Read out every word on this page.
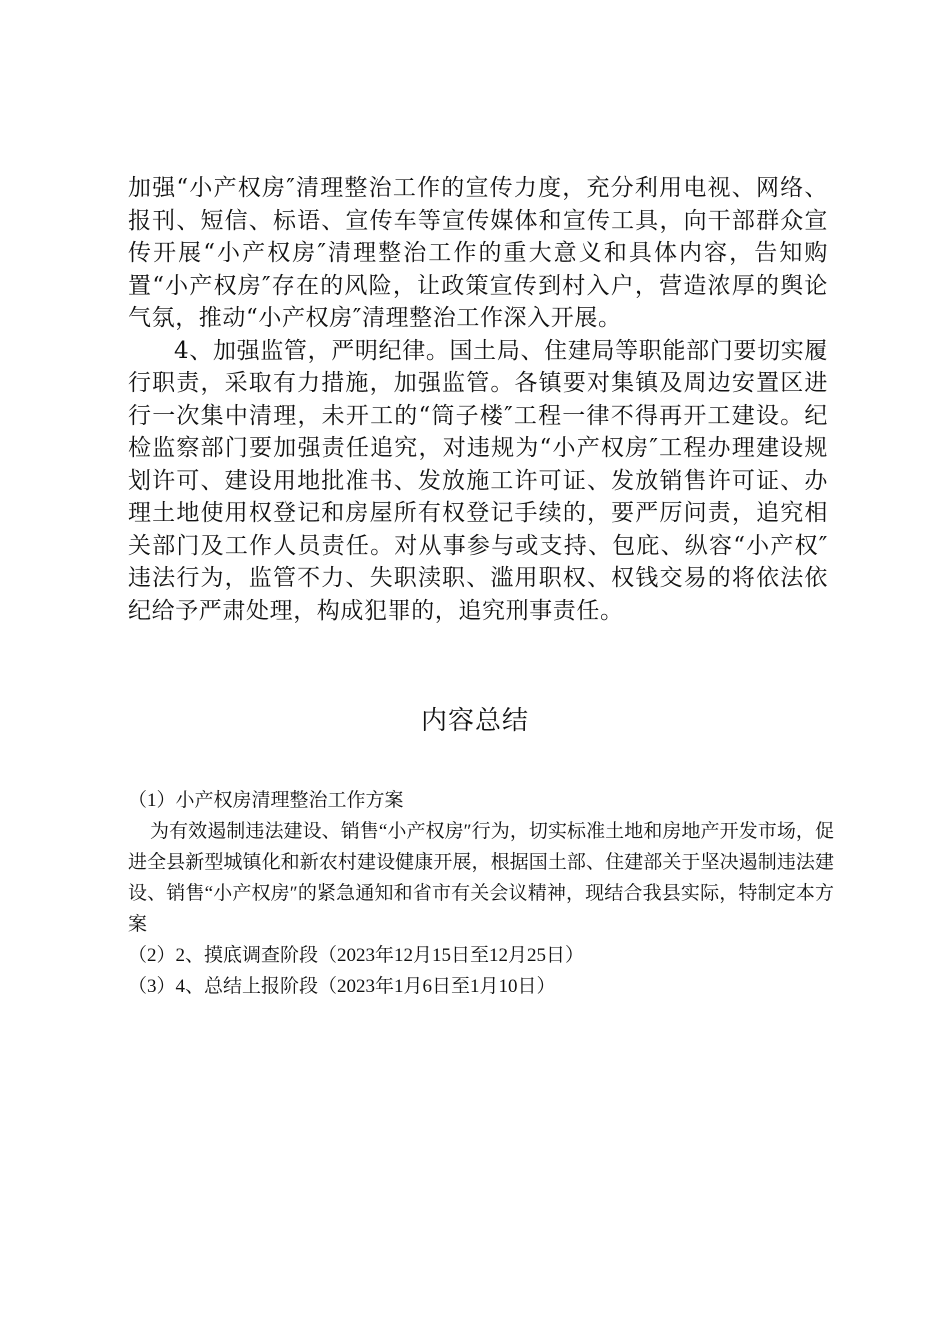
加强“小产权房″清理整治工作的宣传力度，充分利用电视、网络、报刊、短信、标语、宣传车等宣传媒体和宣传工具，向干部群众宣传开展“小产权房″清理整治工作的重大意义和具体内容，告知购置“小产权房″存在的风险，让政策宣传到村入户，营造浓厚的舆论气氛，推动“小产权房″清理整治工作深入开展。

4、加强监管，严明纪律。国土局、住建局等职能部门要切实履行职责，采取有力措施，加强监管。各镇要对集镇及周边安置区进行一次集中清理，未开工的“筒子楼″工程一律不得再开工建设。纪检监察部门要加强责任追究，对违规为“小产权房″工程办理建设规划许可、建设用地批准书、发放施工许可证、发放销售许可证、办理土地使用权登记和房屋所有权登记手续的，要严厉问责，追究相关部门及工作人员责任。对从事参与或支持、包庇、纵容“小产权″违法行为，监管不力、失职渎职、滥用职权、权钱交易的将依法依纪给予严肃处理，构成犯罪的，追究刑事责任。

内容总结

（1）小产权房清理整治工作方案

为有效遏制违法建设、销售“小产权房″行为，切实标准土地和房地产开发市场，促进全县新型城镇化和新农村建设健康开展，根据国土部、住建部关于坚决遏制违法建设、销售“小产权房″的紧急通知和省市有关会议精神，现结合我县实际，特制定本方案

（2）2、摸底调查阶段（2023年12月15日至12月25日）

（3）4、总结上报阶段（2023年1月6日至1月10日）
